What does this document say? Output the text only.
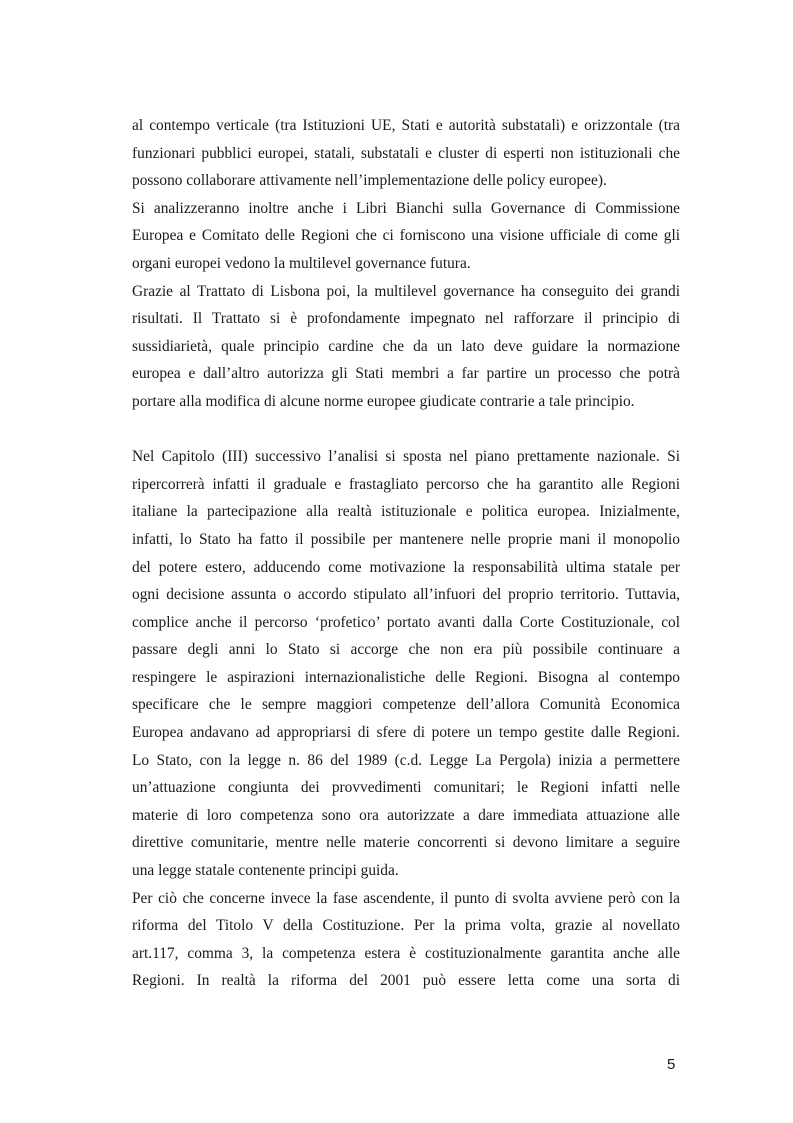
al contempo verticale (tra Istituzioni UE, Stati e autorità substatali) e orizzontale (tra
funzionari pubblici europei, statali, substatali e cluster di esperti non istituzionali che
possono collaborare attivamente nell’implementazione delle policy europee).
Si analizzeranno inoltre anche i Libri Bianchi sulla Governance di Commissione
Europea e Comitato delle Regioni che ci forniscono una visione ufficiale di come gli
organi europei vedono la multilevel governance futura.
Grazie al Trattato di Lisbona poi, la multilevel governance ha conseguito dei grandi
risultati. Il Trattato si è profondamente impegnato nel rafforzare il principio di
sussidiarietà, quale principio cardine che da un lato deve guidare la normazione
europea e dall’altro autorizza gli Stati membri a far partire un processo che potrà
portare alla modifica di alcune norme europee giudicate contrarie a tale principio.
Nel Capitolo (III) successivo l’analisi si sposta nel piano prettamente nazionale. Si
ripercorrerà infatti il graduale e frastagliato percorso che ha garantito alle Regioni
italiane la partecipazione alla realtà istituzionale e politica europea. Inizialmente,
infatti, lo Stato ha fatto il possibile per mantenere nelle proprie mani il monopolio
del potere estero, adducendo come motivazione la responsabilità ultima statale per
ogni decisione assunta o accordo stipulato all’infuori del proprio territorio. Tuttavia,
complice anche il percorso ‘profetico’ portato avanti dalla Corte Costituzionale, col
passare degli anni lo Stato si accorge che non era più possibile continuare a
respingere le aspirazioni internazionalistiche delle Regioni. Bisogna al contempo
specificare che le sempre maggiori competenze dell’allora Comunità Economica
Europea andavano ad appropriarsi di sfere di potere un tempo gestite dalle Regioni.
Lo Stato, con la legge n. 86 del 1989 (c.d. Legge La Pergola) inizia a permettere
un’attuazione congiunta dei provvedimenti comunitari; le Regioni infatti nelle
materie di loro competenza sono ora autorizzate a dare immediata attuazione alle
direttive comunitarie, mentre nelle materie concorrenti si devono limitare a seguire
una legge statale contenente principi guida.
Per ciò che concerne invece la fase ascendente, il punto di svolta avviene però con la
riforma del Titolo V della Costituzione. Per la prima volta, grazie al novellato
art.117, comma 3, la competenza estera è costituzionalmente garantita anche alle
Regioni. In realtà la riforma del 2001 può essere letta come una sorta di
5
